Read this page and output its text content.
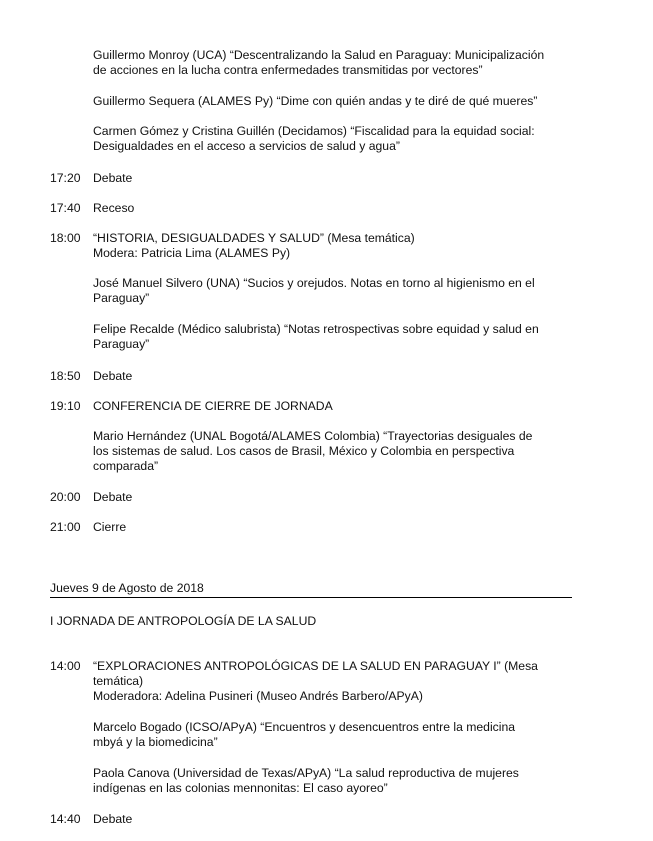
Guillermo Monroy (UCA) “Descentralizando la Salud en Paraguay: Municipalización
de acciones en la lucha contra enfermedades transmitidas por vectores”
Guillermo Sequera (ALAMES Py) “Dime con quién andas y te diré de qué mueres”
Carmen Gómez y Cristina Guillén (Decidamos) “Fiscalidad para la equidad social:
Desigualdades en el acceso a servicios de salud y agua”
17:20	Debate
17:40	Receso
18:00	“HISTORIA, DESIGUALDADES Y SALUD” (Mesa temática)
Modera: Patricia Lima (ALAMES Py)
José Manuel Silvero (UNA) “Sucios y orejudos. Notas en torno al higienismo en el
Paraguay”
Felipe Recalde (Médico salubrista) “Notas retrospectivas sobre equidad y salud en
Paraguay”
18:50	Debate
19:10	CONFERENCIA DE CIERRE DE JORNADA
Mario Hernández (UNAL Bogotá/ALAMES Colombia) “Trayectorias desiguales de
los sistemas de salud. Los casos de Brasil, México y Colombia en perspectiva
comparada”
20:00	Debate
21:00	Cierre
14:00	“EXPLORACIONES ANTROPOLÓGICAS DE LA SALUD EN PARAGUAY I” (Mesa
temática)
Moderadora: Adelina Pusineri (Museo Andrés Barbero/APyA)
Marcelo Bogado (ICSO/APyA) “Encuentros y desencuentros entre la medicina
mbyá y la biomedicina”
Paola Canova (Universidad de Texas/APyA) “La salud reproductiva de mujeres
indígenas en las colonias mennonitas: El caso ayoreo”
14:40	Debate
Jueves 9 de Agosto de 2018
I JORNADA DE ANTROPOLOGÍA DE LA SALUD
